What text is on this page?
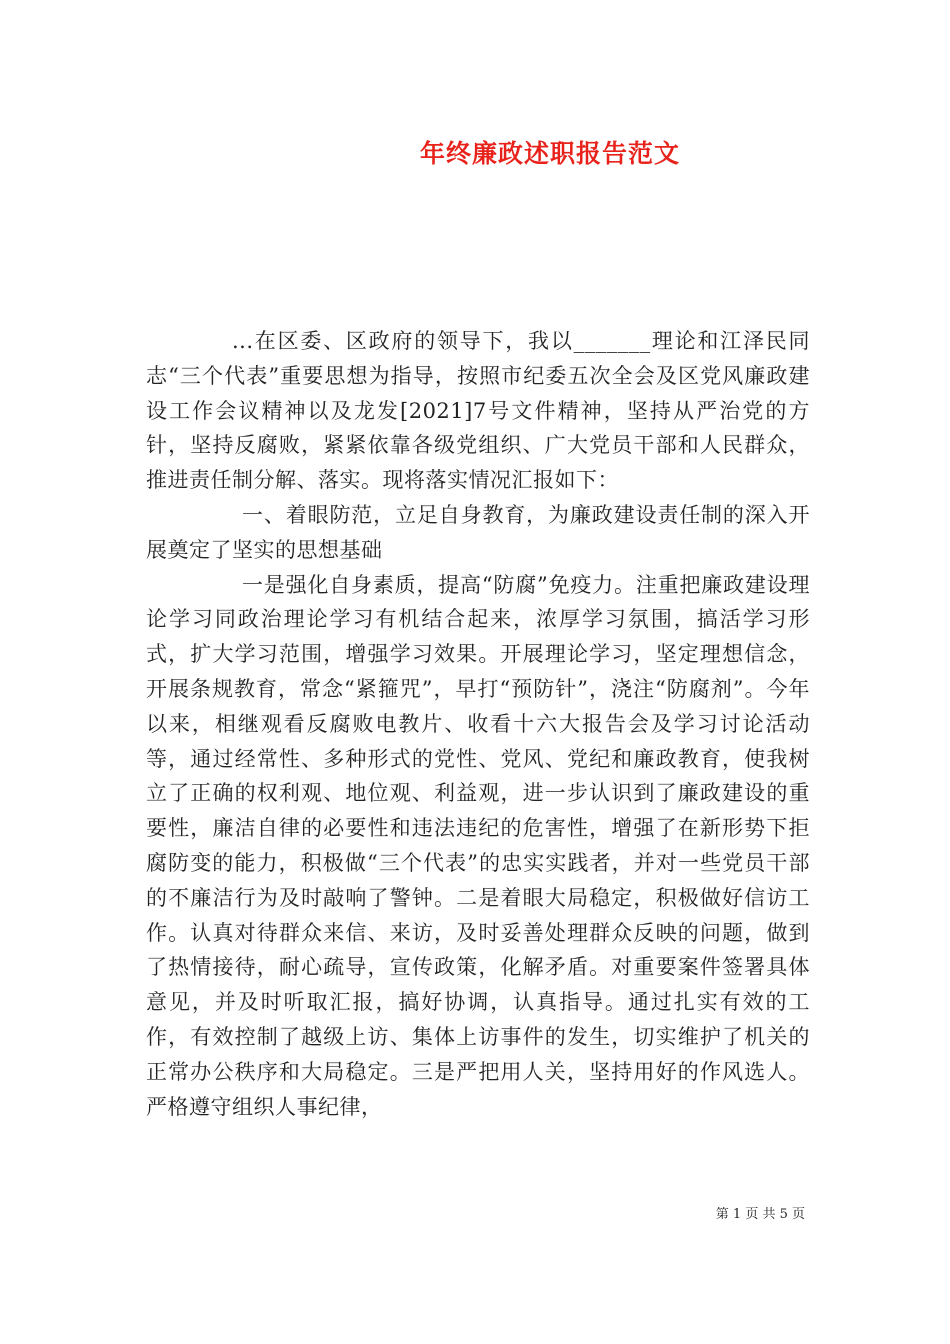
年终廉政述职报告范文

...在区委、区政府的领导下，我以_______理论和江泽民同志“三个代表”重要思想为指导，按照市纪委五次全会及区党风廉政建设工作会议精神以及龙发[2021]7号文件精神，坚持从严治党的方针，坚持反腐败，紧紧依靠各级党组织、广大党员干部和人民群众，推进责任制分解、落实。现将落实情况汇报如下：

一、着眼防范，立足自身教育，为廉政建设责任制的深入开展奠定了坚实的思想基础

一是强化自身素质，提高“防腐”免疫力。注重把廉政建设理论学习同政治理论学习有机结合起来，浓厚学习氛围，搞活学习形式，扩大学习范围，增强学习效果。开展理论学习，坚定理想信念，开展条规教育，常念“紧箍咒”，早打“预防针”，浇注“防腐剂”。今年以来，相继观看反腐败电教片、收看十六大报告会及学习讨论活动等，通过经常性、多种形式的党性、党风、党纪和廉政教育，使我树立了正确的权利观、地位观、利益观，进一步认识到了廉政建设的重要性，廉洁自律的必要性和违法违纪的危害性，增强了在新形势下拒腐防变的能力，积极做“三个代表”的忠实实践者，并对一些党员干部的不廉洁行为及时敲响了警钟。二是着眼大局稳定，积极做好信访工作。认真对待群众来信、来访，及时妥善处理群众反映的问题，做到了热情接待，耐心疏导，宣传政策，化解矛盾。对重要案件签署具体意见，并及时听取汇报，搞好协调，认真指导。通过扎实有效的工作，有效控制了越级上访、集体上访事件的发生，切实维护了机关的正常办公秩序和大局稳定。三是严把用人关，坚持用好的作风选人。严格遵守组织人事纪律，

第 1 页 共 5 页
